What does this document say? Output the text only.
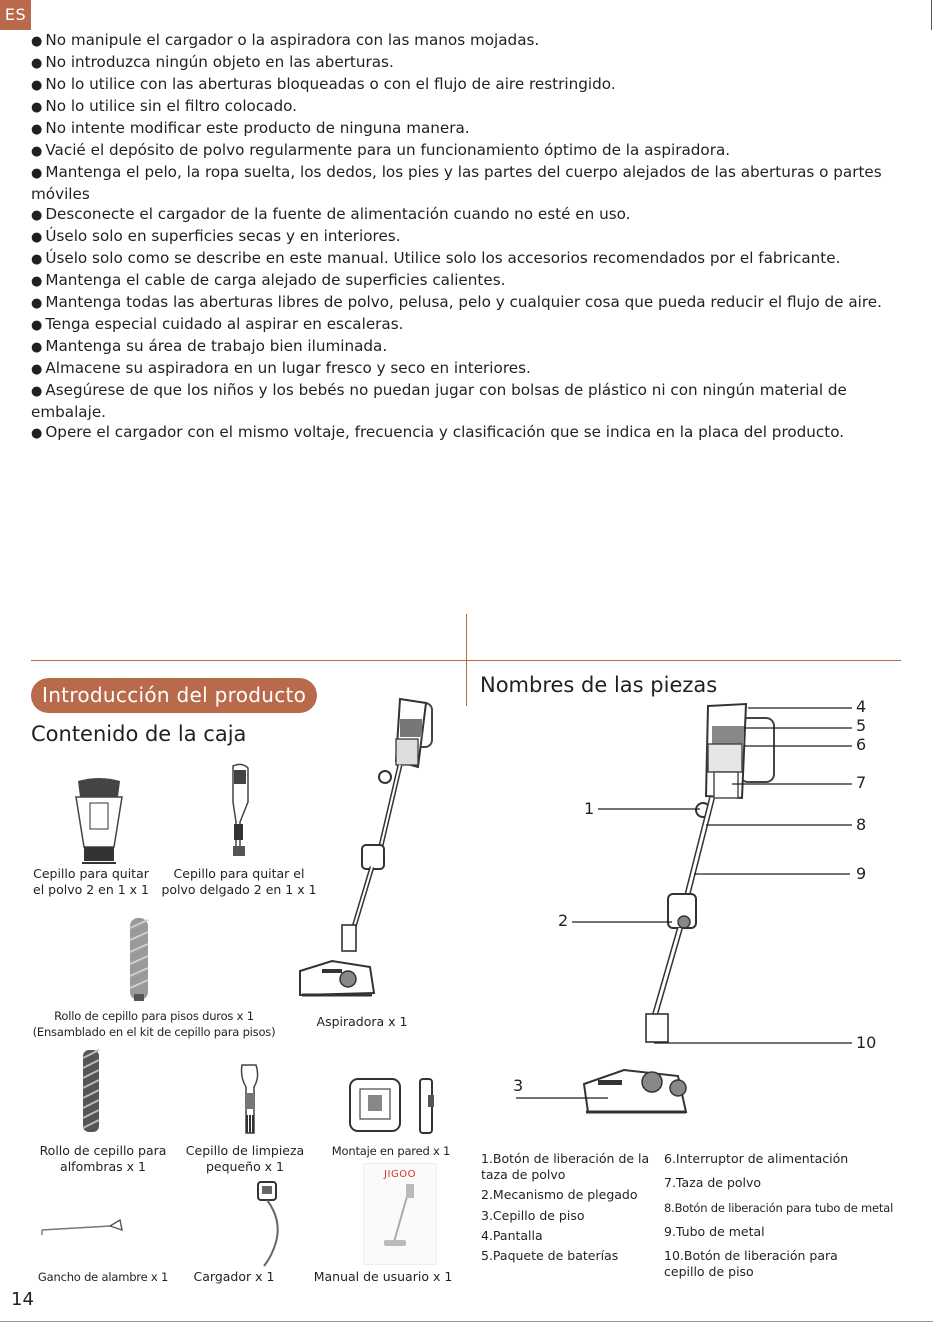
ES

● No manipule el cargador o la aspiradora con las manos mojadas.

● No introduzca ningún objeto en las aberturas.

● No lo utilice con las aberturas bloqueadas o con el flujo de aire restringido.

● No lo utilice sin el filtro colocado.

● No intente modificar este producto de ninguna manera.

● Vacié el depósito de polvo regularmente para un funcionamiento óptimo de la aspiradora.

● Mantenga el pelo, la ropa suelta, los dedos, los pies y las partes del cuerpo alejados de las aberturas o partes móviles

● Desconecte el cargador de la fuente de alimentación cuando no esté en uso.

● Úselo solo en superficies secas y en interiores.

● Úselo solo como se describe en este manual. Utilice solo los accesorios recomendados por el fabricante.

● Mantenga el cable de carga alejado de superficies calientes.

● Mantenga todas las aberturas libres de polvo, pelusa, pelo y cualquier cosa que pueda reducir el flujo de aire.

● Tenga especial cuidado al aspirar en escaleras.

● Mantenga su área de trabajo bien iluminada.

● Almacene su aspiradora en un lugar fresco y seco en interiores.

● Asegúrese de que los niños y los bebés no puedan jugar con bolsas de plástico ni con ningún material de embalaje.

● Opere el cargador con el mismo voltaje, frecuencia y clasificación que se indica en la placa del producto.

Introducción del producto
Contenido de la caja
Nombres de las piezas
JIGOO
Cepillo para quitar el polvo 2 en 1 x 1
Cepillo para quitar el polvo delgado 2 en 1 x 1
Rollo de cepillo para pisos duros x 1 (Ensamblado en el kit de cepillo para pisos)
Aspiradora x 1
Rollo de cepillo para alfombras x 1
Cepillo de limpieza pequeño x 1
Montaje en pared x 1
Gancho de alambre x 1	Cargador x 1	Manual de usuario x 1
4
5
6
7
1
8
9
2
10
3
1.Botón de liberación de la taza de polvo
2.Mecanismo de plegado
3.Cepillo de piso
4.Pantalla
5.Paquete de baterías
6.Interruptor de alimentación
7.Taza de polvo
8.Botón de liberación para tubo de metal
9.Tubo de metal
10.Botón de liberación para cepillo de piso
14
